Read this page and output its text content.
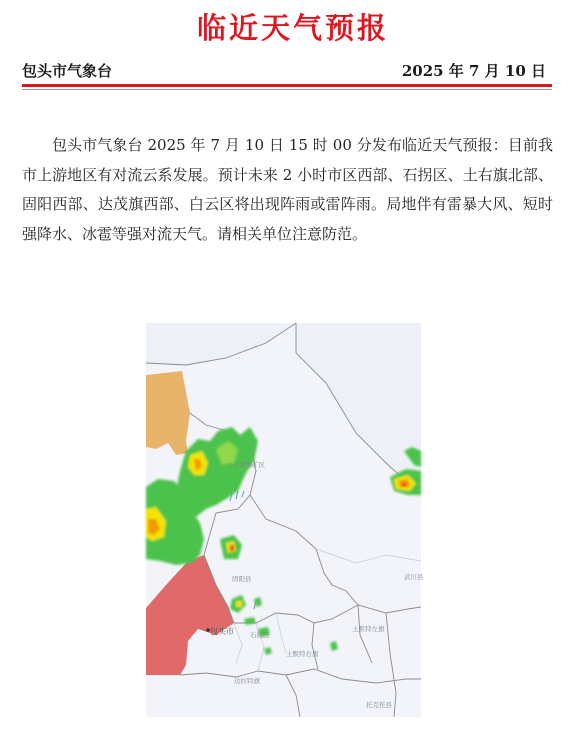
临近天气预报
包头市气象台	2025 年 7 月 10 日
包头市气象台 2025 年 7 月 10 日 15 时 00 分发布临近天气预报：目前我市上游地区有对流云系发展。预计未来 2 小时市区西部、石拐区、土右旗北部、固阳西部、达茂旗西部、白云区将出现阵雨或雷阵雨。局地伴有雷暴大风、短时强降水、冰雹等强对流天气。请相关单位注意防范。
白云鄂博矿区
固阳县
包头市 石拐区
土默特右旗
达拉特旗
武川县
土默特左旗
托克托县
